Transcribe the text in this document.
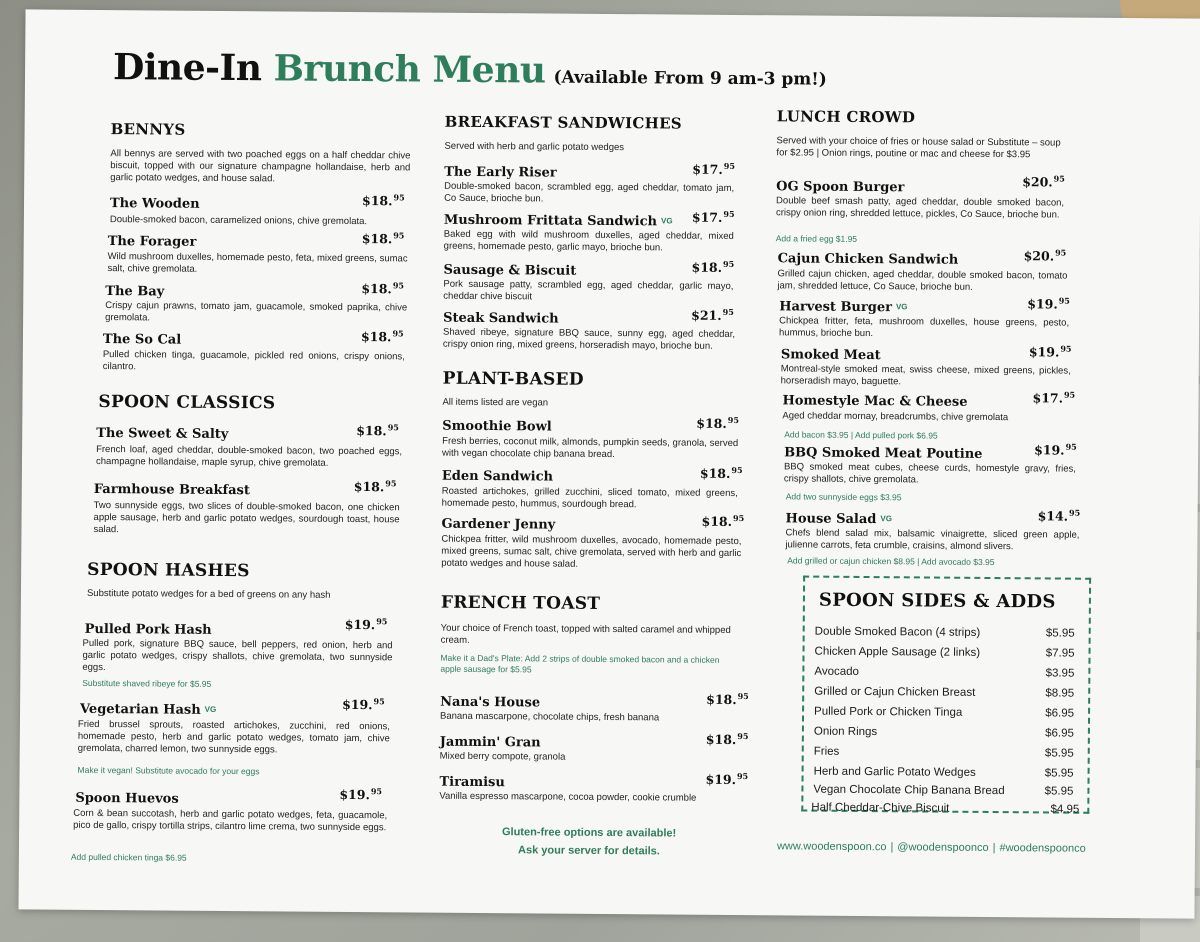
Dine-In Brunch Menu (Available From 9 am-3 pm!)
BENNYS
All bennys are served with two poached eggs on a half cheddar chive biscuit, topped with our signature champagne hollandaise, herb and garlic potato wedges, and house salad.
The Wooden	$18.95
Double-smoked bacon, caramelized onions, chive gremolata.
The Forager	$18.95
Wild mushroom duxelles, homemade pesto, feta, mixed greens, sumac salt, chive gremolata.
The Bay	$18.95
Crispy cajun prawns, tomato jam, guacamole, smoked paprika, chive gremolata.
The So Cal	$18.95
Pulled chicken tinga, guacamole, pickled red onions, crispy onions, cilantro.
SPOON CLASSICS
The Sweet & Salty	$18.95
French loaf, aged cheddar, double-smoked bacon, two poached eggs, champagne hollandaise, maple syrup, chive gremolata.
Farmhouse Breakfast	$18.95
Two sunnyside eggs, two slices of double-smoked bacon, one chicken apple sausage, herb and garlic potato wedges, sourdough toast, house salad.
SPOON HASHES
Substitute potato wedges for a bed of greens on any hash
Pulled Pork Hash	$19.95
Pulled pork, signature BBQ sauce, bell peppers, red onion, herb and garlic potato wedges, crispy shallots, chive gremolata, two sunnyside eggs.
Substitute shaved ribeye for $5.95
Vegetarian Hash VG	$19.95
Fried brussel sprouts, roasted artichokes, zucchini, red onions, homemade pesto, herb and garlic potato wedges, tomato jam, chive gremolata, charred lemon, two sunnyside eggs.
Make it vegan! Substitute avocado for your eggs
Spoon Huevos	$19.95
Corn & bean succotash, herb and garlic potato wedges, feta, guacamole, pico de gallo, crispy tortilla strips, cilantro lime crema, two sunnyside eggs.
Add pulled chicken tinga $6.95
BREAKFAST SANDWICHES
Served with herb and garlic potato wedges
The Early Riser	$17.95
Double-smoked bacon, scrambled egg, aged cheddar, tomato jam, Co Sauce, brioche bun.
Mushroom Frittata Sandwich VG $17.95
Baked egg with wild mushroom duxelles, aged cheddar, mixed greens, homemade pesto, garlic mayo, brioche bun.
Sausage & Biscuit	$18.95
Pork sausage patty, scrambled egg, aged cheddar, garlic mayo, cheddar chive biscuit
Steak Sandwich	$21.95
Shaved ribeye, signature BBQ sauce, sunny egg, aged cheddar, crispy onion ring, mixed greens, horseradish mayo, brioche bun.
PLANT-BASED
All items listed are vegan
Smoothie Bowl	$18.95
Fresh berries, coconut milk, almonds, pumpkin seeds, granola, served with vegan chocolate chip banana bread.
Eden Sandwich	$18.95
Roasted artichokes, grilled zucchini, sliced tomato, mixed greens, homemade pesto, hummus, sourdough bread.
Gardener Jenny	$18.95
Chickpea fritter, wild mushroom duxelles, avocado, homemade pesto, mixed greens, sumac salt, chive gremolata, served with herb and garlic potato wedges and house salad.
FRENCH TOAST
Your choice of French toast, topped with salted caramel and whipped cream.
Make it a Dad's Plate: Add 2 strips of double smoked bacon and a chicken apple sausage for $5.95
Nana's House	$18.95
Banana mascarpone, chocolate chips, fresh banana
Jammin' Gran	$18.95
Mixed berry compote, granola
Tiramisu	$19.95
Vanilla espresso mascarpone, cocoa powder, cookie crumble
Gluten-free options are available!
Ask your server for details.
LUNCH CROWD
Served with your choice of fries or house salad or Substitute – soup for $2.95 | Onion rings, poutine or mac and cheese for $3.95
OG Spoon Burger	$20.95
Double beef smash patty, aged cheddar, double smoked bacon, crispy onion ring, shredded lettuce, pickles, Co Sauce, brioche bun.
Add a fried egg $1.95
Cajun Chicken Sandwich	$20.95
Grilled cajun chicken, aged cheddar, double smoked bacon, tomato jam, shredded lettuce, Co Sauce, brioche bun.
Harvest Burger VG	$19.95
Chickpea fritter, feta, mushroom duxelles, house greens, pesto, hummus, brioche bun.
Smoked Meat	$19.95
Montreal-style smoked meat, swiss cheese, mixed greens, pickles, horseradish mayo, baguette.
Homestyle Mac & Cheese	$17.95
Aged cheddar mornay, breadcrumbs, chive gremolata
Add bacon $3.95 | Add pulled pork $6.95
BBQ Smoked Meat Poutine	$19.95
BBQ smoked meat cubes, cheese curds, homestyle gravy, fries, crispy shallots, chive gremolata.
Add two sunnyside eggs $3.95
House Salad VG	$14.95
Chefs blend salad mix, balsamic vinaigrette, sliced green apple, julienne carrots, feta crumble, craisins, almond slivers.
Add grilled or cajun chicken $8.95 | Add avocado $3.95
SPOON SIDES & ADDS
Double Smoked Bacon (4 strips)	$5.95
Chicken Apple Sausage (2 links)	$7.95
Avocado	$3.95
Grilled or Cajun Chicken Breast	$8.95
Pulled Pork or Chicken Tinga	$6.95
Onion Rings	$6.95
Fries	$5.95
Herb and Garlic Potato Wedges	$5.95
Vegan Chocolate Chip Banana Bread	$5.95
Half Cheddar-Chive Biscuit	$4.95
www.woodenspoon.co | @woodenspoonco | #woodenspoonco
